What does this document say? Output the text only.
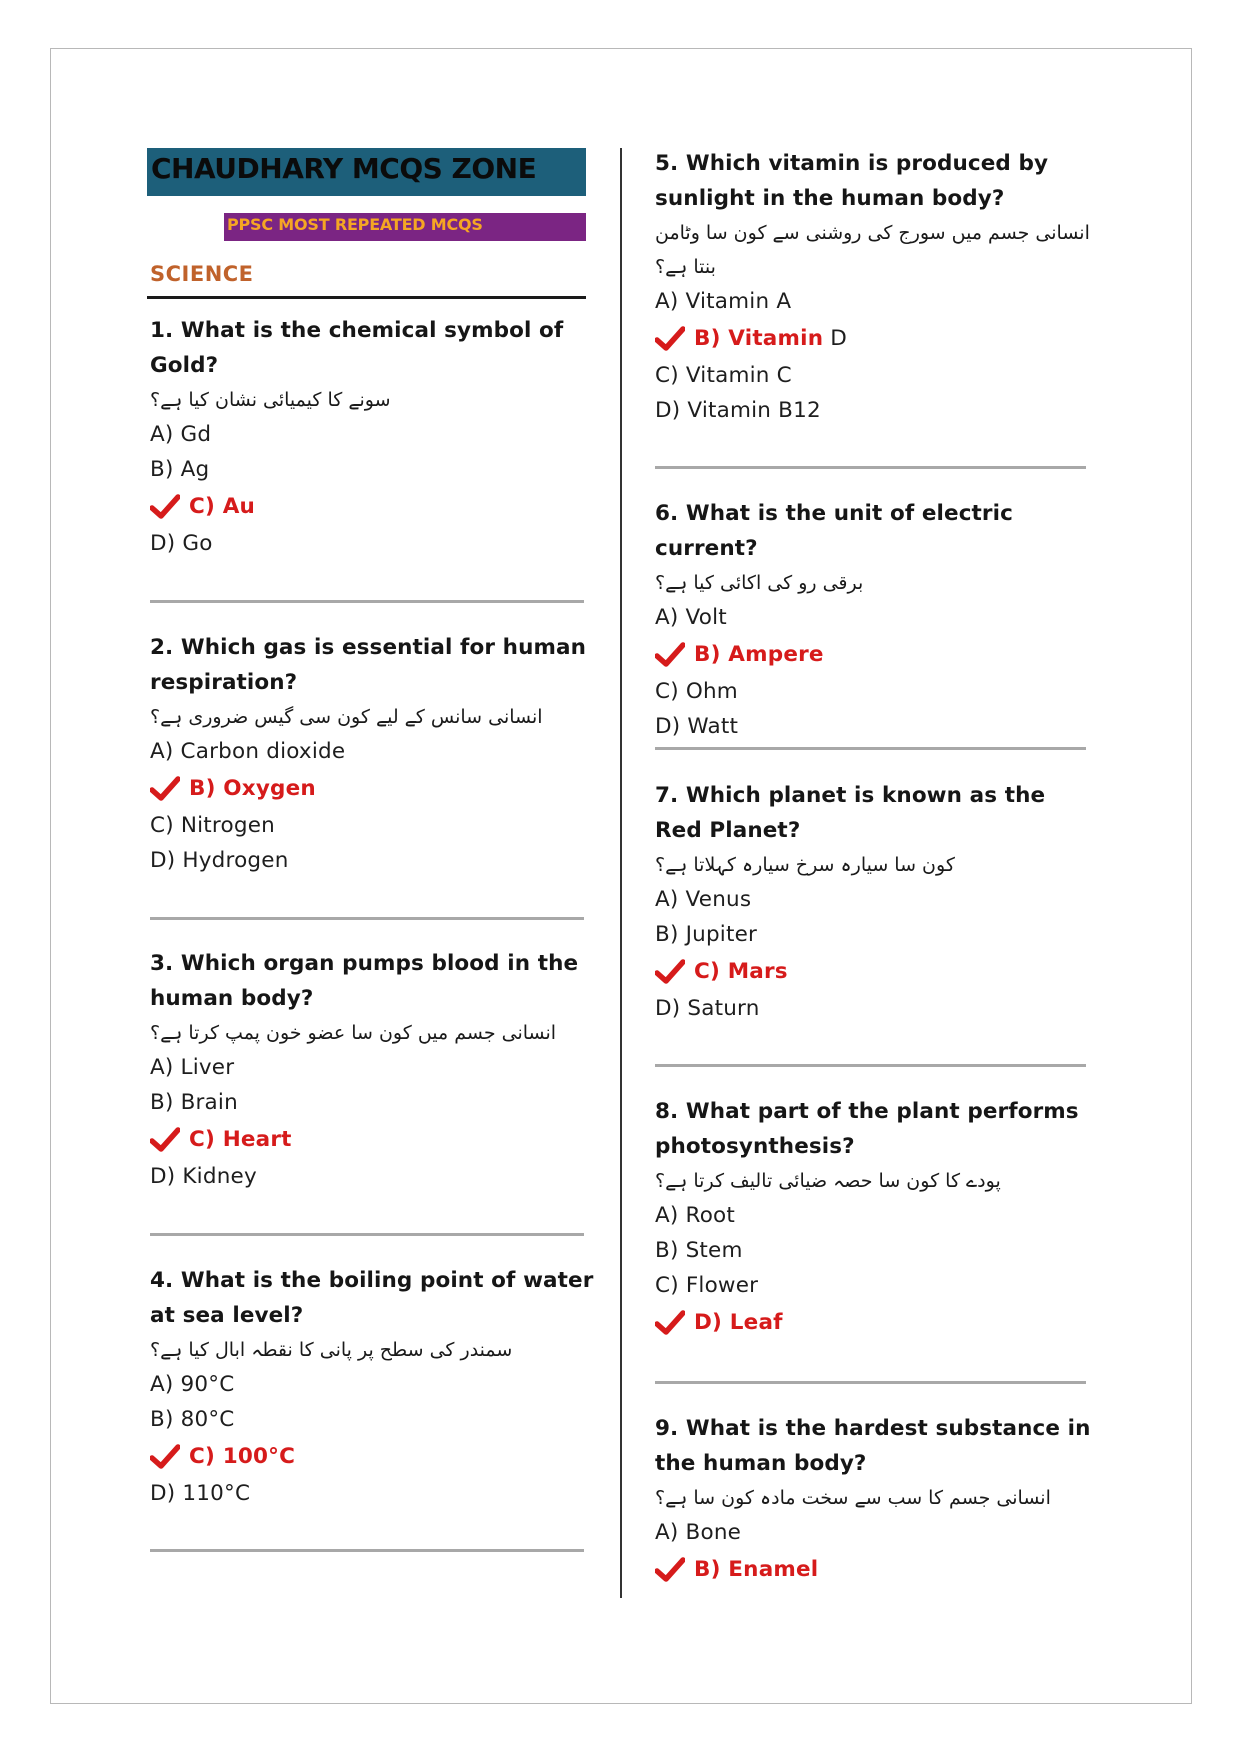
CHAUDHARY MCQS ZONE
PPSC MOST REPEATED MCQS
SCIENCE
1. What is the chemical symbol of Gold?
سونے کا کیمیائی نشان کیا ہے؟
A) Gd
B) Ag
C) Au
D) Go
2. Which gas is essential for human respiration?
انسانی سانس کے لیے کون سی گیس ضروری ہے؟
A) Carbon dioxide
B) Oxygen
C) Nitrogen
D) Hydrogen
3. Which organ pumps blood in the human body?
انسانی جسم میں کون سا عضو خون پمپ کرتا ہے؟
A) Liver
B) Brain
C) Heart
D) Kidney
4. What is the boiling point of water at sea level?
سمندر کی سطح پر پانی کا نقطہ ابال کیا ہے؟
A) 90°C
B) 80°C
C) 100°C
D) 110°C
5. Which vitamin is produced by sunlight in the human body?
انسانی جسم میں سورج کی روشنی سے کون سا وٹامن بنتا ہے؟
A) Vitamin A
B) Vitamin D
C) Vitamin C
D) Vitamin B12
6. What is the unit of electric current?
برقی رو کی اکائی کیا ہے؟
A) Volt
B) Ampere
C) Ohm
D) Watt
7. Which planet is known as the Red Planet?
کون سا سیارہ سرخ سیارہ کہلاتا ہے؟
A) Venus
B) Jupiter
C) Mars
D) Saturn
8. What part of the plant performs photosynthesis?
پودے کا کون سا حصہ ضیائی تالیف کرتا ہے؟
A) Root
B) Stem
C) Flower
D) Leaf
9. What is the hardest substance in the human body?
انسانی جسم کا سب سے سخت مادہ کون سا ہے؟
A) Bone
B) Enamel
